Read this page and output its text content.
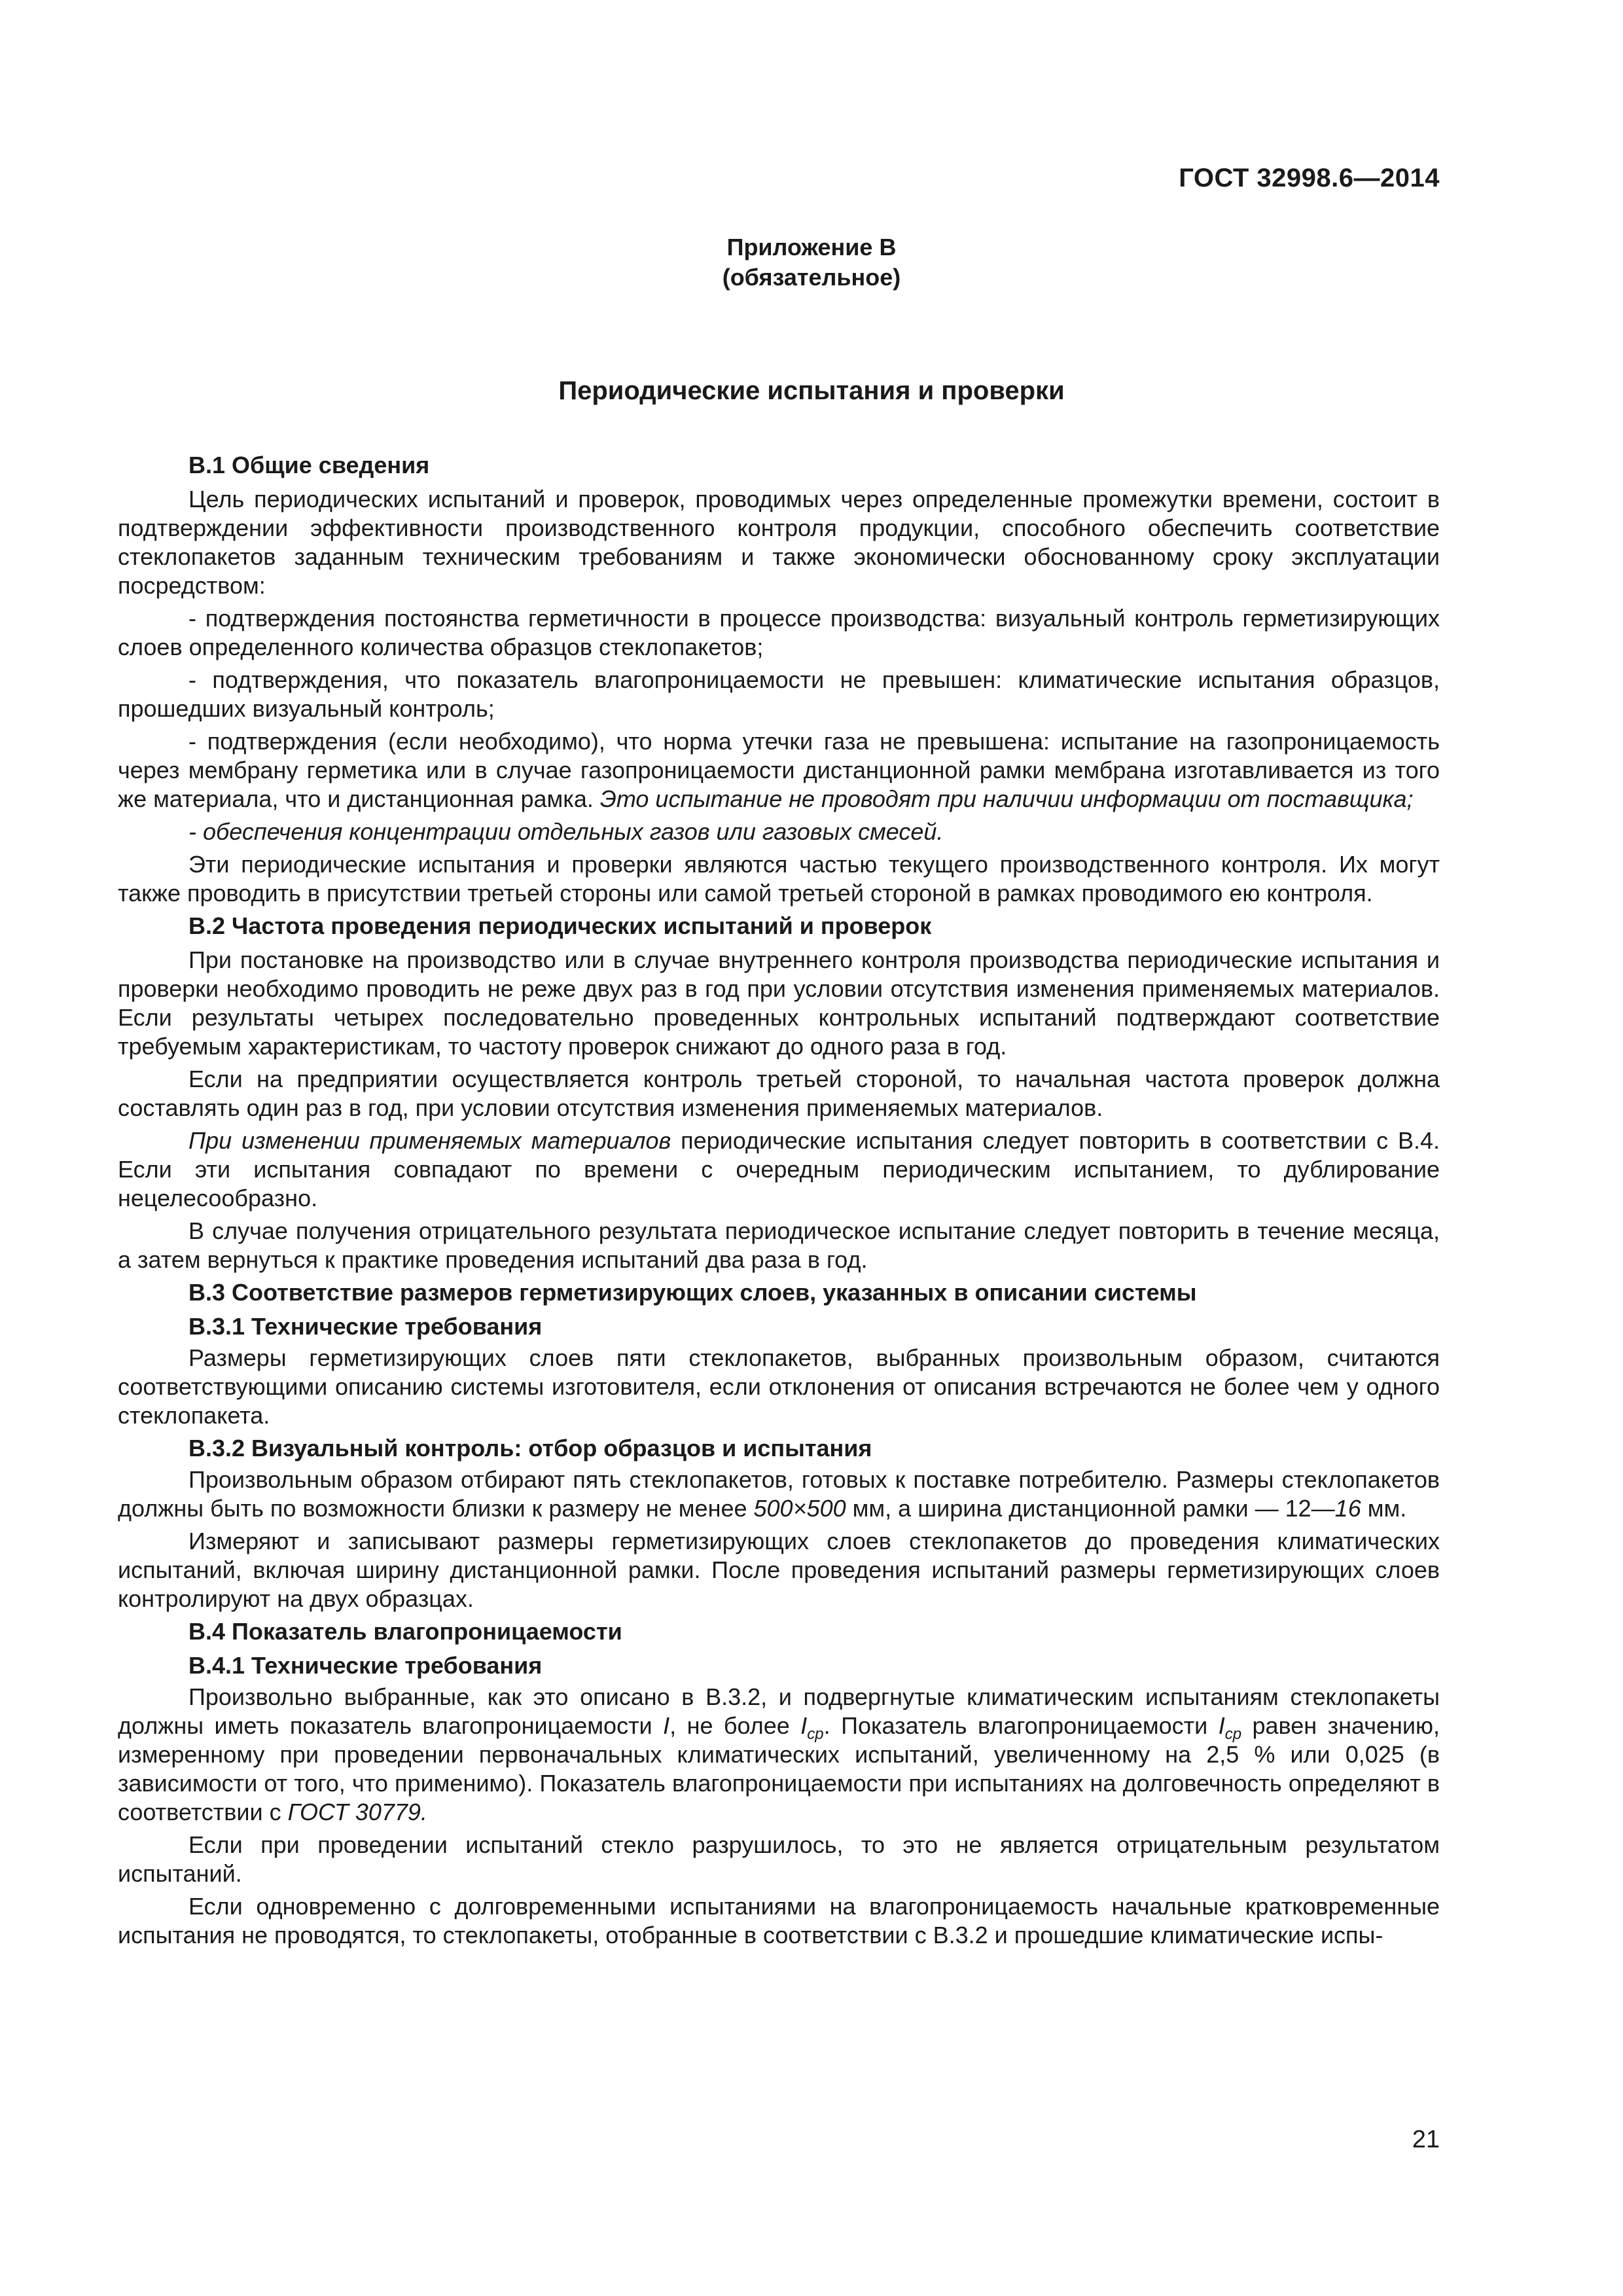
ГОСТ 32998.6—2014
Приложение В
(обязательное)
Периодические испытания и проверки
В.1 Общие сведения

Цель периодических испытаний и проверок, проводимых через определенные промежутки времени, состоит в подтверждении эффективности производственного контроля продукции, способного обеспечить соответствие стеклопакетов заданным техническим требованиям и также экономически обоснованному сроку эксплуатации посредством:

- подтверждения постоянства герметичности в процессе производства: визуальный контроль герметизирующих слоев определенного количества образцов стеклопакетов;

- подтверждения, что показатель влагопроницаемости не превышен: климатические испытания образцов, прошедших визуальный контроль;

- подтверждения (если необходимо), что норма утечки газа не превышена: испытание на газопроницаемость через мембрану герметика или в случае газопроницаемости дистанционной рамки мембрана изготавливается из того же материала, что и дистанционная рамка. Это испытание не проводят при наличии информации от поставщика;

- обеспечения концентрации отдельных газов или газовых смесей.

Эти периодические испытания и проверки являются частью текущего производственного контроля. Их могут также проводить в присутствии третьей стороны или самой третьей стороной в рамках проводимого ею контроля.

В.2 Частота проведения периодических испытаний и проверок

При постановке на производство или в случае внутреннего контроля производства периодические испытания и проверки необходимо проводить не реже двух раз в год при условии отсутствия изменения применяемых материалов. Если результаты четырех последовательно проведенных контрольных испытаний подтверждают соответствие требуемым характеристикам, то частоту проверок снижают до одного раза в год.

Если на предприятии осуществляется контроль третьей стороной, то начальная частота проверок должна составлять один раз в год, при условии отсутствия изменения применяемых материалов.

При изменении применяемых материалов периодические испытания следует повторить в соответствии с В.4. Если эти испытания совпадают по времени с очередным периодическим испытанием, то дублирование нецелесообразно.

В случае получения отрицательного результата периодическое испытание следует повторить в течение месяца, а затем вернуться к практике проведения испытаний два раза в год.

В.3 Соответствие размеров герметизирующих слоев, указанных в описании системы
В.3.1 Технические требования

Размеры герметизирующих слоев пяти стеклопакетов, выбранных произвольным образом, считаются соответствующими описанию системы изготовителя, если отклонения от описания встречаются не более чем у одного стеклопакета.

В.3.2 Визуальный контроль: отбор образцов и испытания

Произвольным образом отбирают пять стеклопакетов, готовых к поставке потребителю. Размеры стеклопакетов должны быть по возможности близки к размеру не менее 500×500 мм, а ширина дистанционной рамки — 12—16 мм.

Измеряют и записывают размеры герметизирующих слоев стеклопакетов до проведения климатических испытаний, включая ширину дистанционной рамки. После проведения испытаний размеры герметизирующих слоев контролируют на двух образцах.

В.4 Показатель влагопроницаемости
В.4.1 Технические требования

Произвольно выбранные, как это описано в В.3.2, и подвергнутые климатическим испытаниям стеклопакеты должны иметь показатель влагопроницаемости I, не более $I_{cp}$. Показатель влагопроницаемости $I_{cp}$ равен значению, измеренному при проведении первоначальных климатических испытаний, увеличенному на 2,5 % или 0,025 (в зависимости от того, что применимо). Показатель влагопроницаемости при испытаниях на долговечность определяют в соответствии с ГОСТ 30779.

Если при проведении испытаний стекло разрушилось, то это не является отрицательным результатом испытаний.

Если одновременно с долговременными испытаниями на влагопроницаемость начальные кратковременные испытания не проводятся, то стеклопакеты, отобранные в соответствии с В.3.2 и прошедшие климатические испы-

21
